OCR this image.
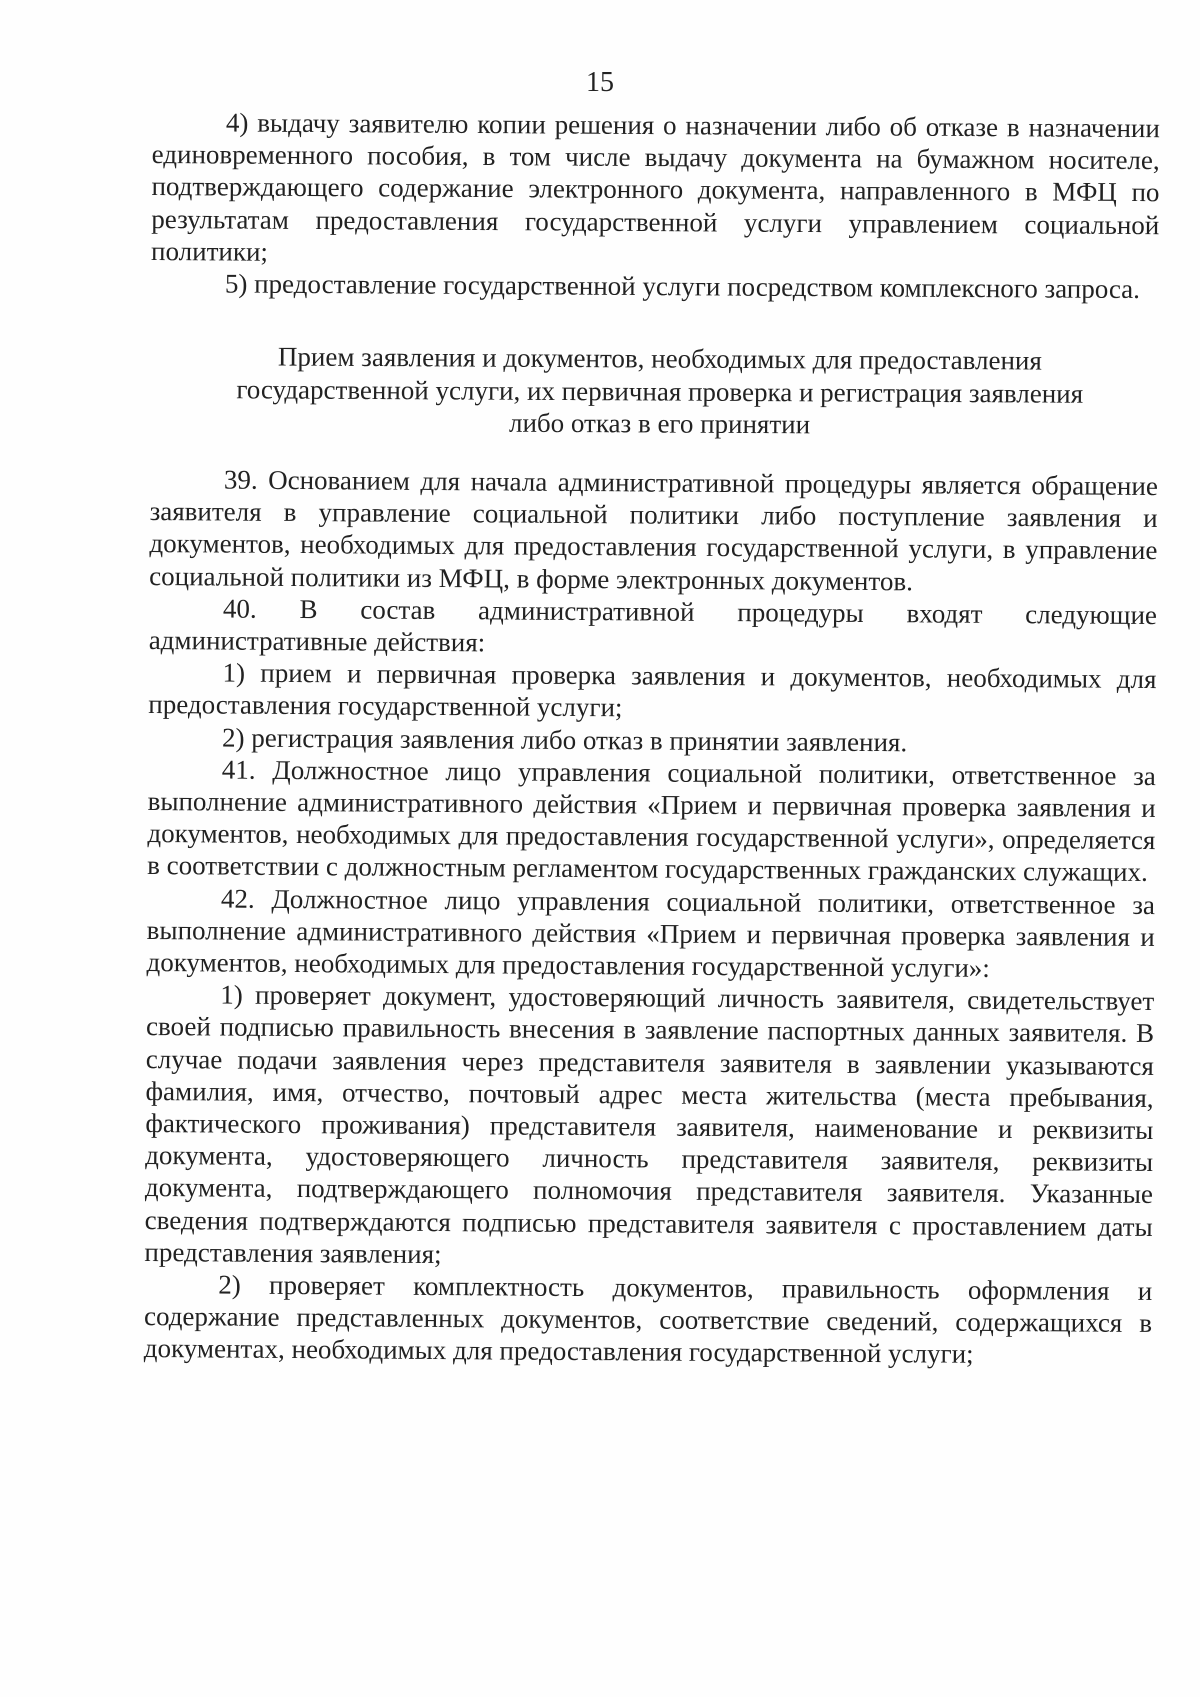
15

4) выдачу заявителю копии решения о назначении либо об отказе в назначении единовременного пособия, в том числе выдачу документа на бумажном носителе, подтверждающего содержание электронного документа, направленного в МФЦ по результатам предоставления государственной услуги управлением социальной политики;

5) предоставление государственной услуги посредством комплексного запроса.

Прием заявления и документов, необходимых для предоставления

государственной услуги, их первичная проверка и регистрация заявления

либо отказ в его принятии

39. Основанием для начала административной процедуры является обращение заявителя в управление социальной политики либо поступление заявления и документов, необходимых для предоставления государственной услуги, в управление социальной политики из МФЦ, в форме электронных документов.

40. В состав административной процедуры входят следующие административные действия:

1) прием и первичная проверка заявления и документов, необходимых для предоставления государственной услуги;

2) регистрация заявления либо отказ в принятии заявления.

41. Должностное лицо управления социальной политики, ответственное за выполнение административного действия «Прием и первичная проверка заявления и документов, необходимых для предоставления государственной услуги», определяется в соответствии с должностным регламентом государственных гражданских служащих.

42. Должностное лицо управления социальной политики, ответственное за выполнение административного действия «Прием и первичная проверка заявления и документов, необходимых для предоставления государственной услуги»:

1) проверяет документ, удостоверяющий личность заявителя, свидетельствует своей подписью правильность внесения в заявление паспортных данных заявителя. В случае подачи заявления через представителя заявителя в заявлении указываются фамилия, имя, отчество, почтовый адрес места жительства (места пребывания, фактического проживания) представителя заявителя, наименование и реквизиты документа, удостоверяющего личность представителя заявителя, реквизиты документа, подтверждающего полномочия представителя заявителя. Указанные сведения подтверждаются подписью представителя заявителя с проставлением даты представления заявления;

2) проверяет комплектность документов, правильность оформления и содержание представленных документов, соответствие сведений, содержащихся в документах, необходимых для предоставления государственной услуги;
